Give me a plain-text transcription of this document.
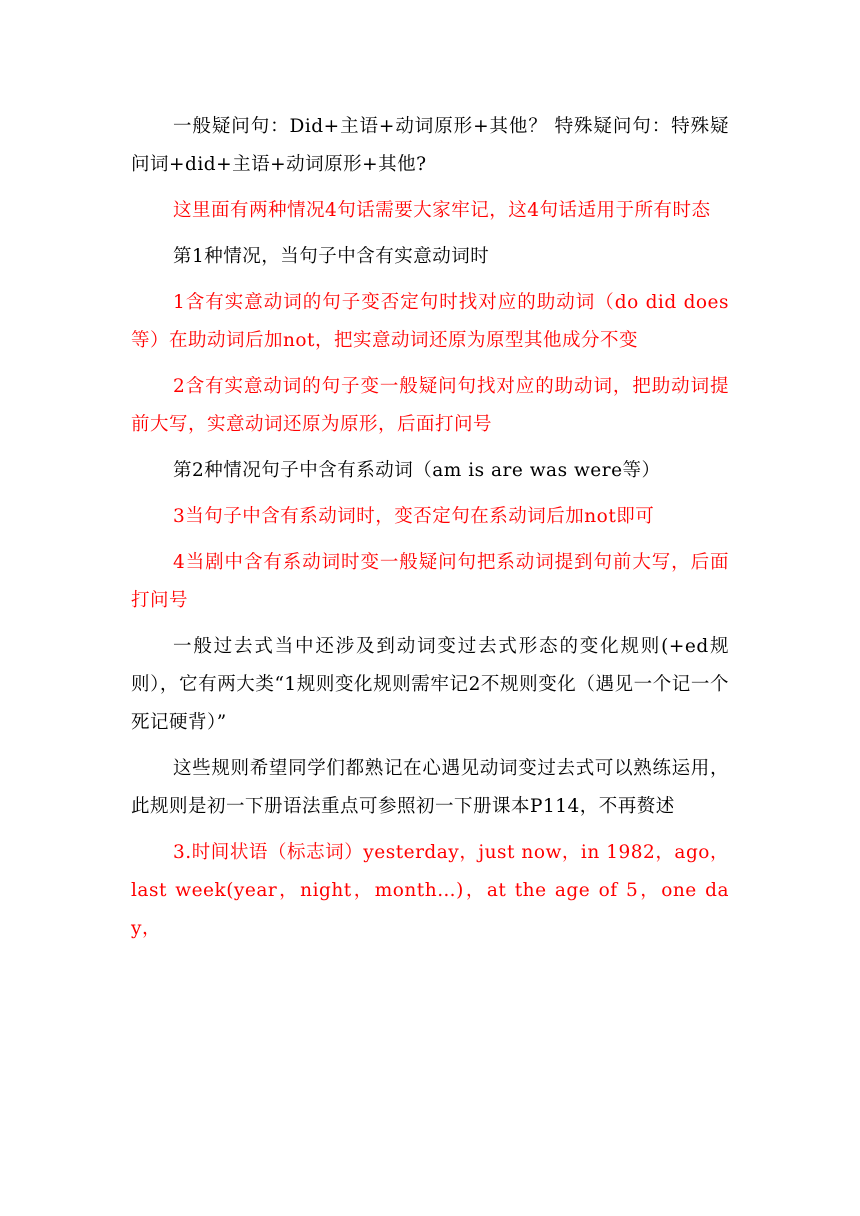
一般疑问句：Did+主语+动词原形+其他？ 特殊疑问句：特殊疑问词+did+主语+动词原形+其他?

这里面有两种情况4句话需要大家牢记，这4句话适用于所有时态

第1种情况，当句子中含有实意动词时

1含有实意动词的句子变否定句时找对应的助动词（do did does等）在助动词后加not，把实意动词还原为原型其他成分不变

2含有实意动词的句子变一般疑问句找对应的助动词，把助动词提前大写，实意动词还原为原形，后面打问号

第2种情况句子中含有系动词（am is are was were等）

3当句子中含有系动词时，变否定句在系动词后加not即可

4当剧中含有系动词时变一般疑问句把系动词提到句前大写，后面打问号

一般过去式当中还涉及到动词变过去式形态的变化规则(+ed规则），它有两大类“1规则变化规则需牢记2不规则变化（遇见一个记一个 死记硬背）”

这些规则希望同学们都熟记在心遇见动词变过去式可以熟练运用，此规则是初一下册语法重点可参照初一下册课本P114，不再赘述

3.时间状语（标志词）yesterday，just now，in 1982，ago，last week(year，night，month…)，at the age of 5，one day，
